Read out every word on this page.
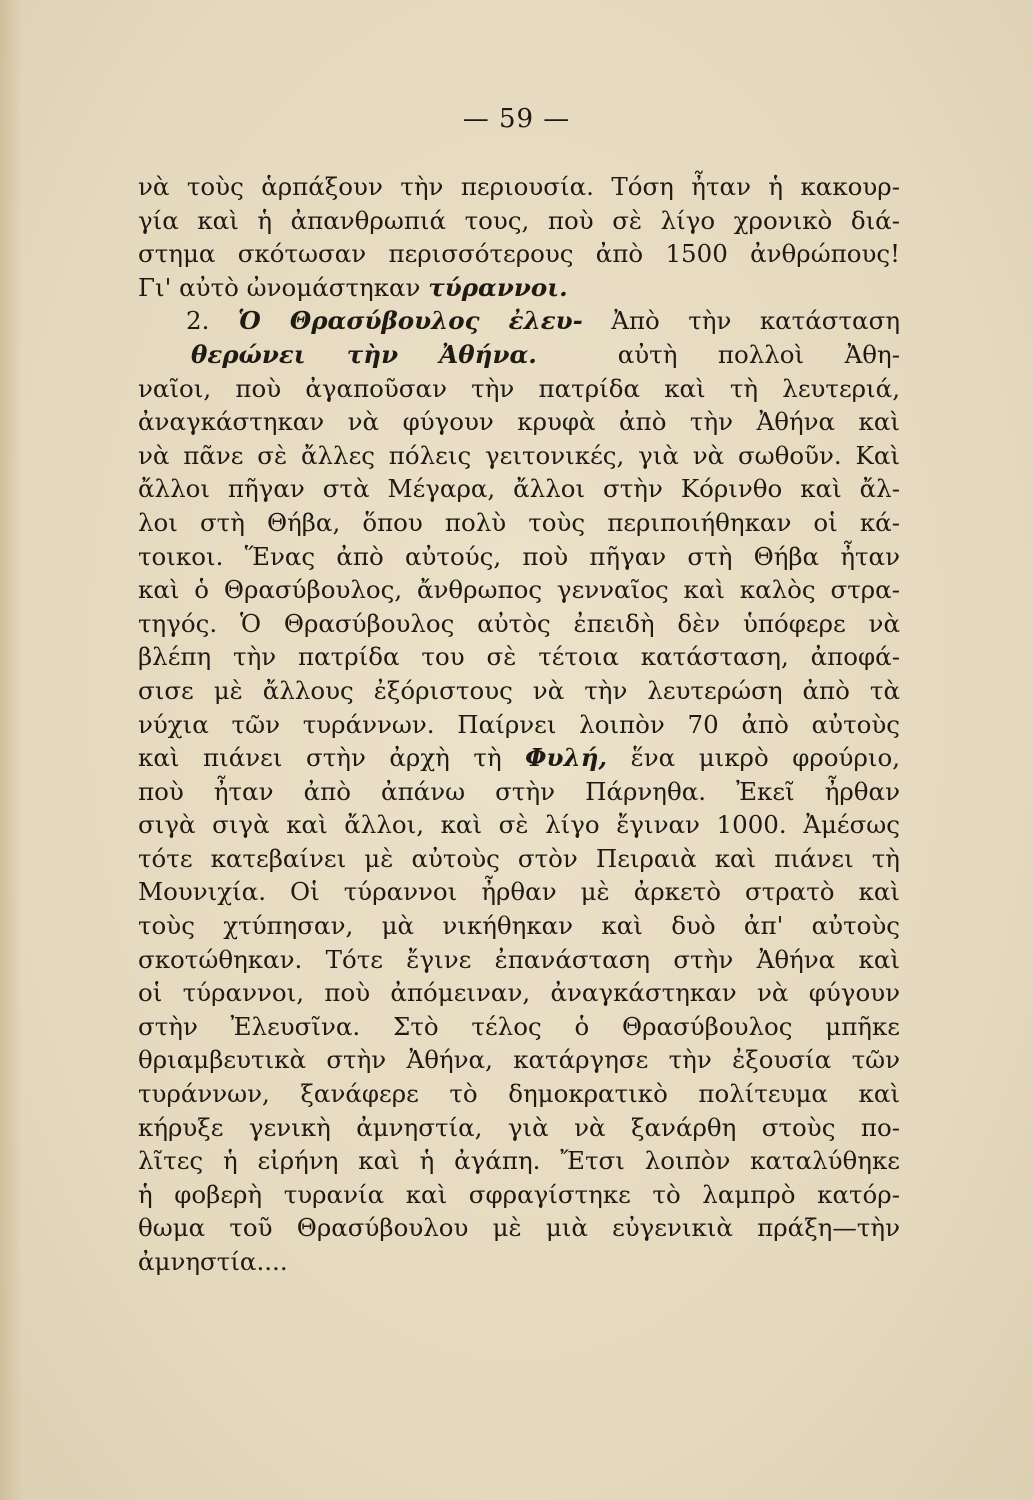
— 59 —
νὰ τοὺς ἁρπάξουν τὴν περιουσία. Τόση ἦταν ἡ κακουρ-
γία καὶ ἡ ἀπανθρωπιά τους, ποὺ σὲ λίγο χρονικὸ διά-
στημα σκότωσαν περισσότερους ἀπὸ 1500 ἀνθρώπους!
Γι' αὐτὸ ὠνομάστηκαν τύραννοι.
2. Ὁ Θρασύβουλος ἐλευ- Ἀπὸ τὴν κατάσταση
θερώνει τὴν Ἀθήνα.  αὐτὴ πολλοὶ Ἀθη-
ναῖοι, ποὺ ἀγαποῦσαν τὴν πατρίδα καὶ τὴ λευτεριά,
ἀναγκάστηκαν νὰ φύγουν κρυφὰ ἀπὸ τὴν Ἀθήνα καὶ
νὰ πᾶνε σὲ ἄλλες πόλεις γειτονικές, γιὰ νὰ σωθοῦν. Καὶ
ἄλλοι πῆγαν στὰ Μέγαρα, ἄλλοι στὴν Κόρινθο καὶ ἄλ-
λοι στὴ Θήβα, ὅπου πολὺ τοὺς περιποιήθηκαν οἱ κά-
τοικοι. Ἕνας ἀπὸ αὐτούς, ποὺ πῆγαν στὴ Θήβα ἦταν
καὶ ὁ Θρασύβουλος, ἄνθρωπος γενναῖος καὶ καλὸς στρα-
τηγός. Ὁ Θρασύβουλος αὐτὸς ἐπειδὴ δὲν ὑπόφερε νὰ
βλέπη τὴν πατρίδα του σὲ τέτοια κατάσταση, ἀποφά-
σισε μὲ ἄλλους ἐξόριστους νὰ τὴν λευτερώση ἀπὸ τὰ
νύχια τῶν τυράννων. Παίρνει λοιπὸν 70 ἀπὸ αὐτοὺς
καὶ πιάνει στὴν ἀρχὴ τὴ Φυλή, ἕνα μικρὸ φρούριο,
ποὺ ἦταν ἀπὸ ἀπάνω στὴν Πάρνηθα. Ἐκεῖ ἦρθαν
σιγὰ σιγὰ καὶ ἄλλοι, καὶ σὲ λίγο ἔγιναν 1000. Ἀμέσως
τότε κατεβαίνει μὲ αὐτοὺς στὸν Πειραιὰ καὶ πιάνει τὴ
Μουνιχία. Οἱ τύραννοι ἦρθαν μὲ ἀρκετὸ στρατὸ καὶ
τοὺς χτύπησαν, μὰ νικήθηκαν καὶ δυὸ ἀπ' αὐτοὺς
σκοτώθηκαν. Τότε ἔγινε ἐπανάσταση στὴν Ἀθήνα καὶ
οἱ τύραννοι, ποὺ ἀπόμειναν, ἀναγκάστηκαν νὰ φύγουν
στὴν Ἐλευσῖνα. Στὸ τέλος ὁ Θρασύβουλος μπῆκε
θριαμβευτικὰ στὴν Ἀθήνα, κατάργησε τὴν ἐξουσία τῶν
τυράννων, ξανάφερε τὸ δημοκρατικὸ πολίτευμα καὶ
κήρυξε γενικὴ ἀμνηστία, γιὰ νὰ ξανάρθη στοὺς πο-
λῖτες ἡ εἰρήνη καὶ ἡ ἀγάπη. Ἔτσι λοιπὸν καταλύθηκε
ἡ φοβερὴ τυρανία καὶ σφραγίστηκε τὸ λαμπρὸ κατόρ-
θωμα τοῦ Θρασύβουλου μὲ μιὰ εὐγενικιὰ πράξη—τὴν
ἀμνηστία....
